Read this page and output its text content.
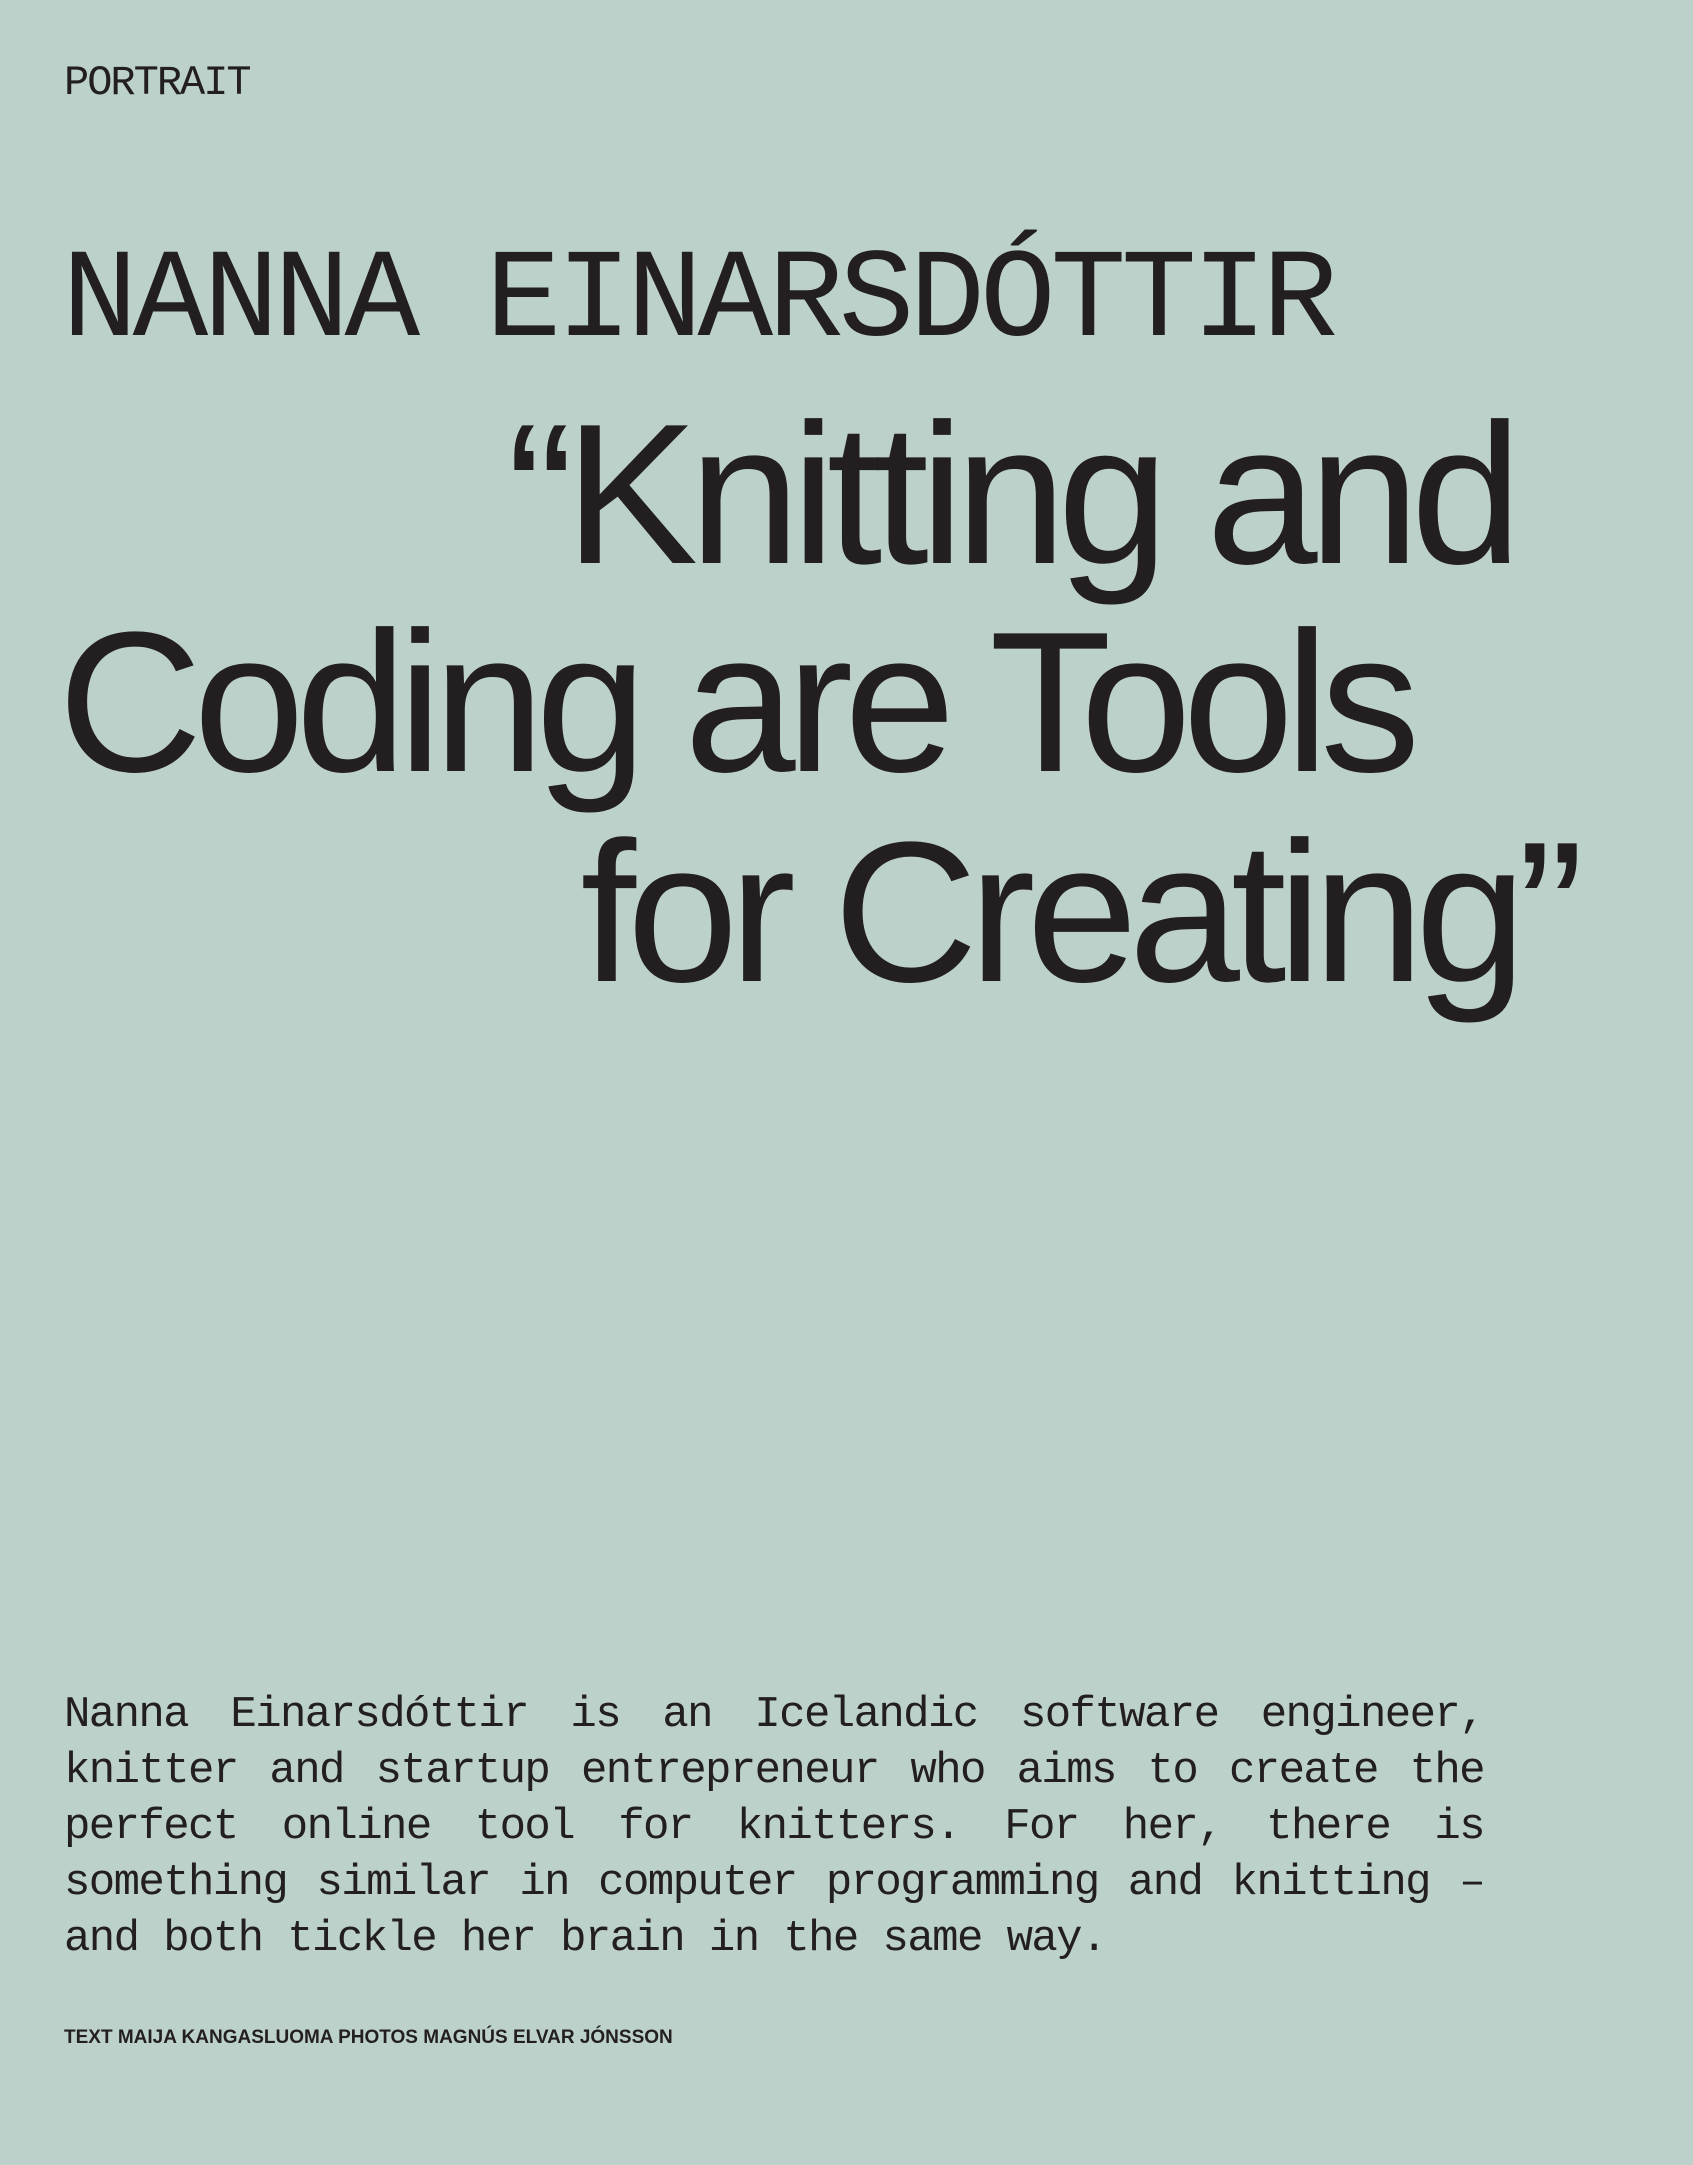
PORTRAIT
NANNA EINARSDÓTTIR
“Knitting and
Coding are Tools
for Creating”

Nanna Einarsdóttir is an Icelandic software engineer, knitter and startup entrepreneur who aims to create the perfect online tool for knitters. For her, there is something similar in computer programming and knitting – and both tickle her brain in the same way.

TEXT MAIJA KANGASLUOMA PHOTOS MAGNÚS ELVAR JÓNSSON
